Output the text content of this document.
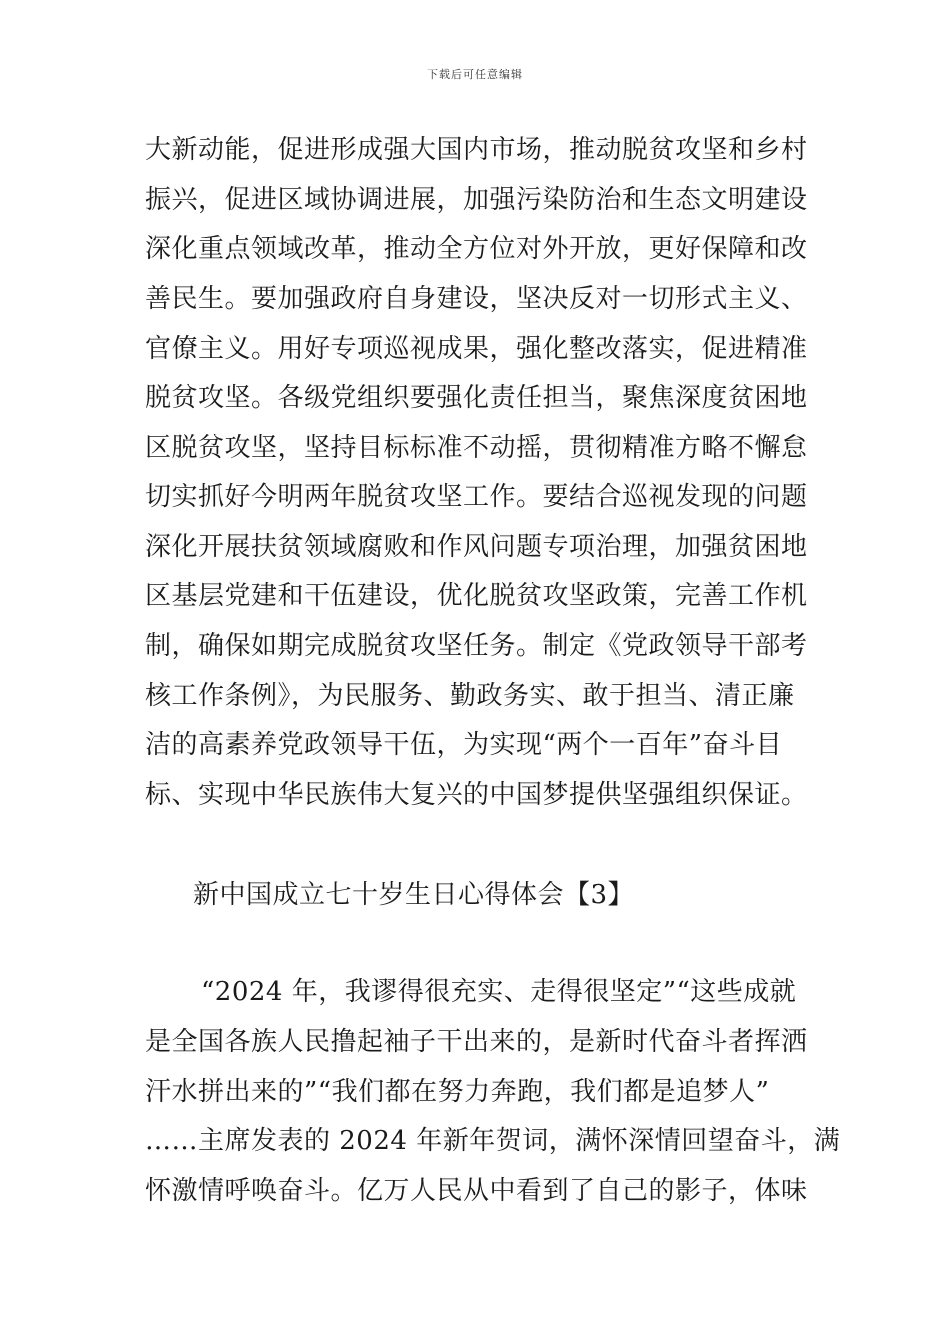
下载后可任意编辑
大新动能，促进形成强大国内市场，推动脱贫攻坚和乡村
振兴，促进区域协调进展，加强污染防治和生态文明建设
深化重点领域改革，推动全方位对外开放，更好保障和改
善民生。要加强政府自身建设，坚决反对一切形式主义、
官僚主义。用好专项巡视成果，强化整改落实，促进精准
脱贫攻坚。各级党组织要强化责任担当，聚焦深度贫困地
区脱贫攻坚，坚持目标标准不动摇，贯彻精准方略不懈怠
切实抓好今明两年脱贫攻坚工作。要结合巡视发现的问题
深化开展扶贫领域腐败和作风问题专项治理，加强贫困地
区基层党建和干伍建设，优化脱贫攻坚政策，完善工作机
制，确保如期完成脱贫攻坚任务。制定《党政领导干部考
核工作条例》，为民服务、勤政务实、敢于担当、清正廉
洁的高素养党政领导干伍，为实现“两个一百年”奋斗目
标、实现中华民族伟大复兴的中国梦提供坚强组织保证。
新中国成立七十岁生日心得体会【3】
“2024 年，我谬得很充实、走得很坚定”“这些成就
是全国各族人民撸起袖子干出来的，是新时代奋斗者挥洒
汗水拼出来的”“我们都在努力奔跑，我们都是追梦人”
……主席发表的 2024 年新年贺词，满怀深情回望奋斗，满
怀激情呼唤奋斗。亿万人民从中看到了自己的影子，体味
